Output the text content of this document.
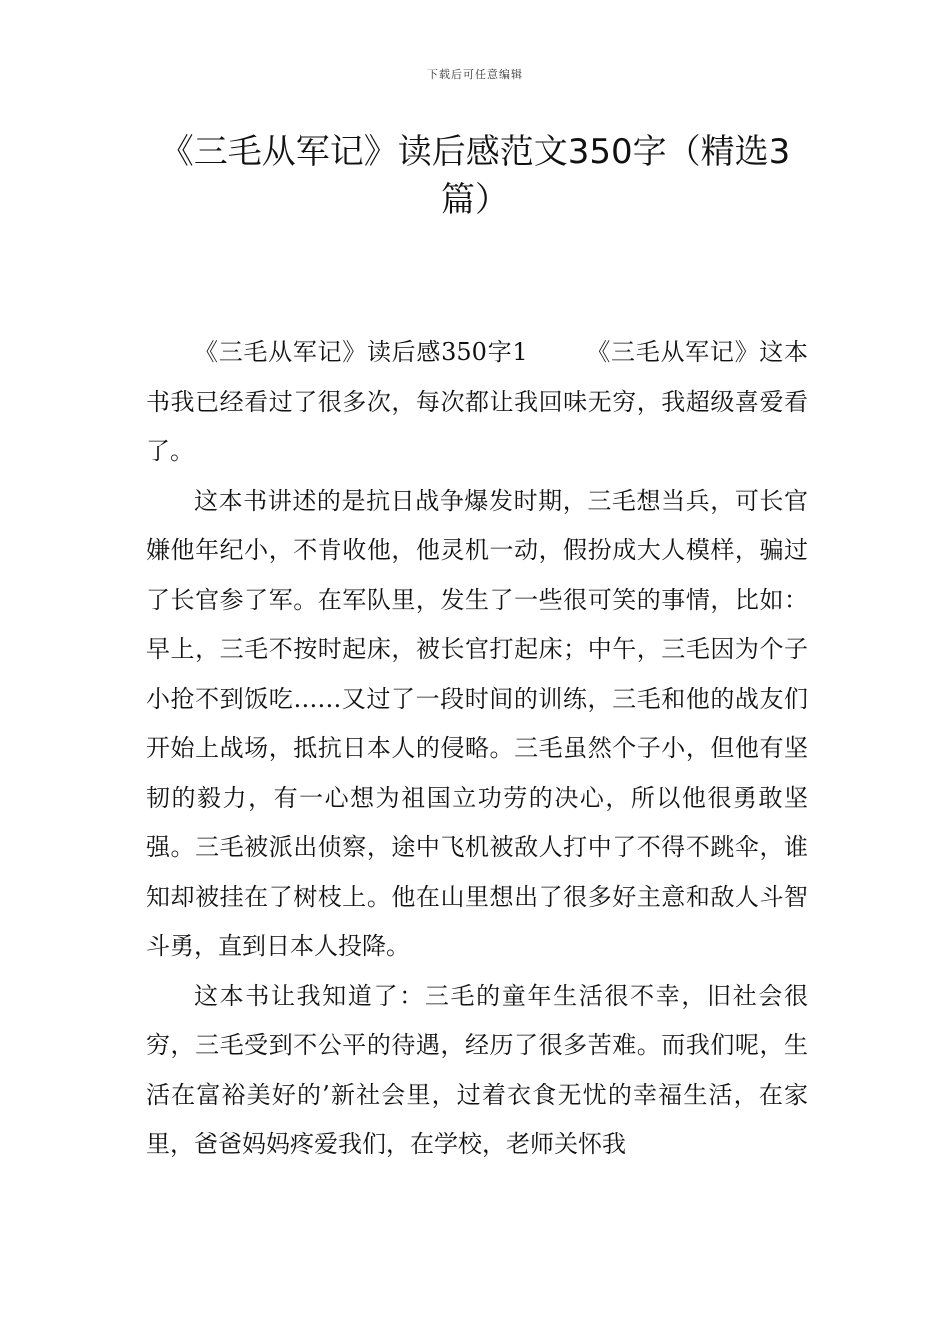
下载后可任意编辑
《三毛从军记》读后感范文350字（精选3篇）

《三毛从军记》读后感350字1 《三毛从军记》这本书我已经看过了很多次，每次都让我回味无穷，我超级喜爱看了。

这本书讲述的是抗日战争爆发时期，三毛想当兵，可长官嫌他年纪小，不肯收他，他灵机一动，假扮成大人模样，骗过了长官参了军。在军队里，发生了一些很可笑的事情，比如：早上，三毛不按时起床，被长官打起床；中午，三毛因为个子小抢不到饭吃……又过了一段时间的训练，三毛和他的战友们开始上战场，抵抗日本人的侵略。三毛虽然个子小，但他有坚韧的毅力，有一心想为祖国立功劳的决心，所以他很勇敢坚强。三毛被派出侦察，途中飞机被敌人打中了不得不跳伞，谁知却被挂在了树枝上。他在山里想出了很多好主意和敌人斗智斗勇，直到日本人投降。

这本书让我知道了：三毛的童年生活很不幸，旧社会很穷，三毛受到不公平的待遇，经历了很多苦难。而我们呢，生活在富裕美好的’新社会里，过着衣食无忧的幸福生活，在家里，爸爸妈妈疼爱我们，在学校，老师关怀我
